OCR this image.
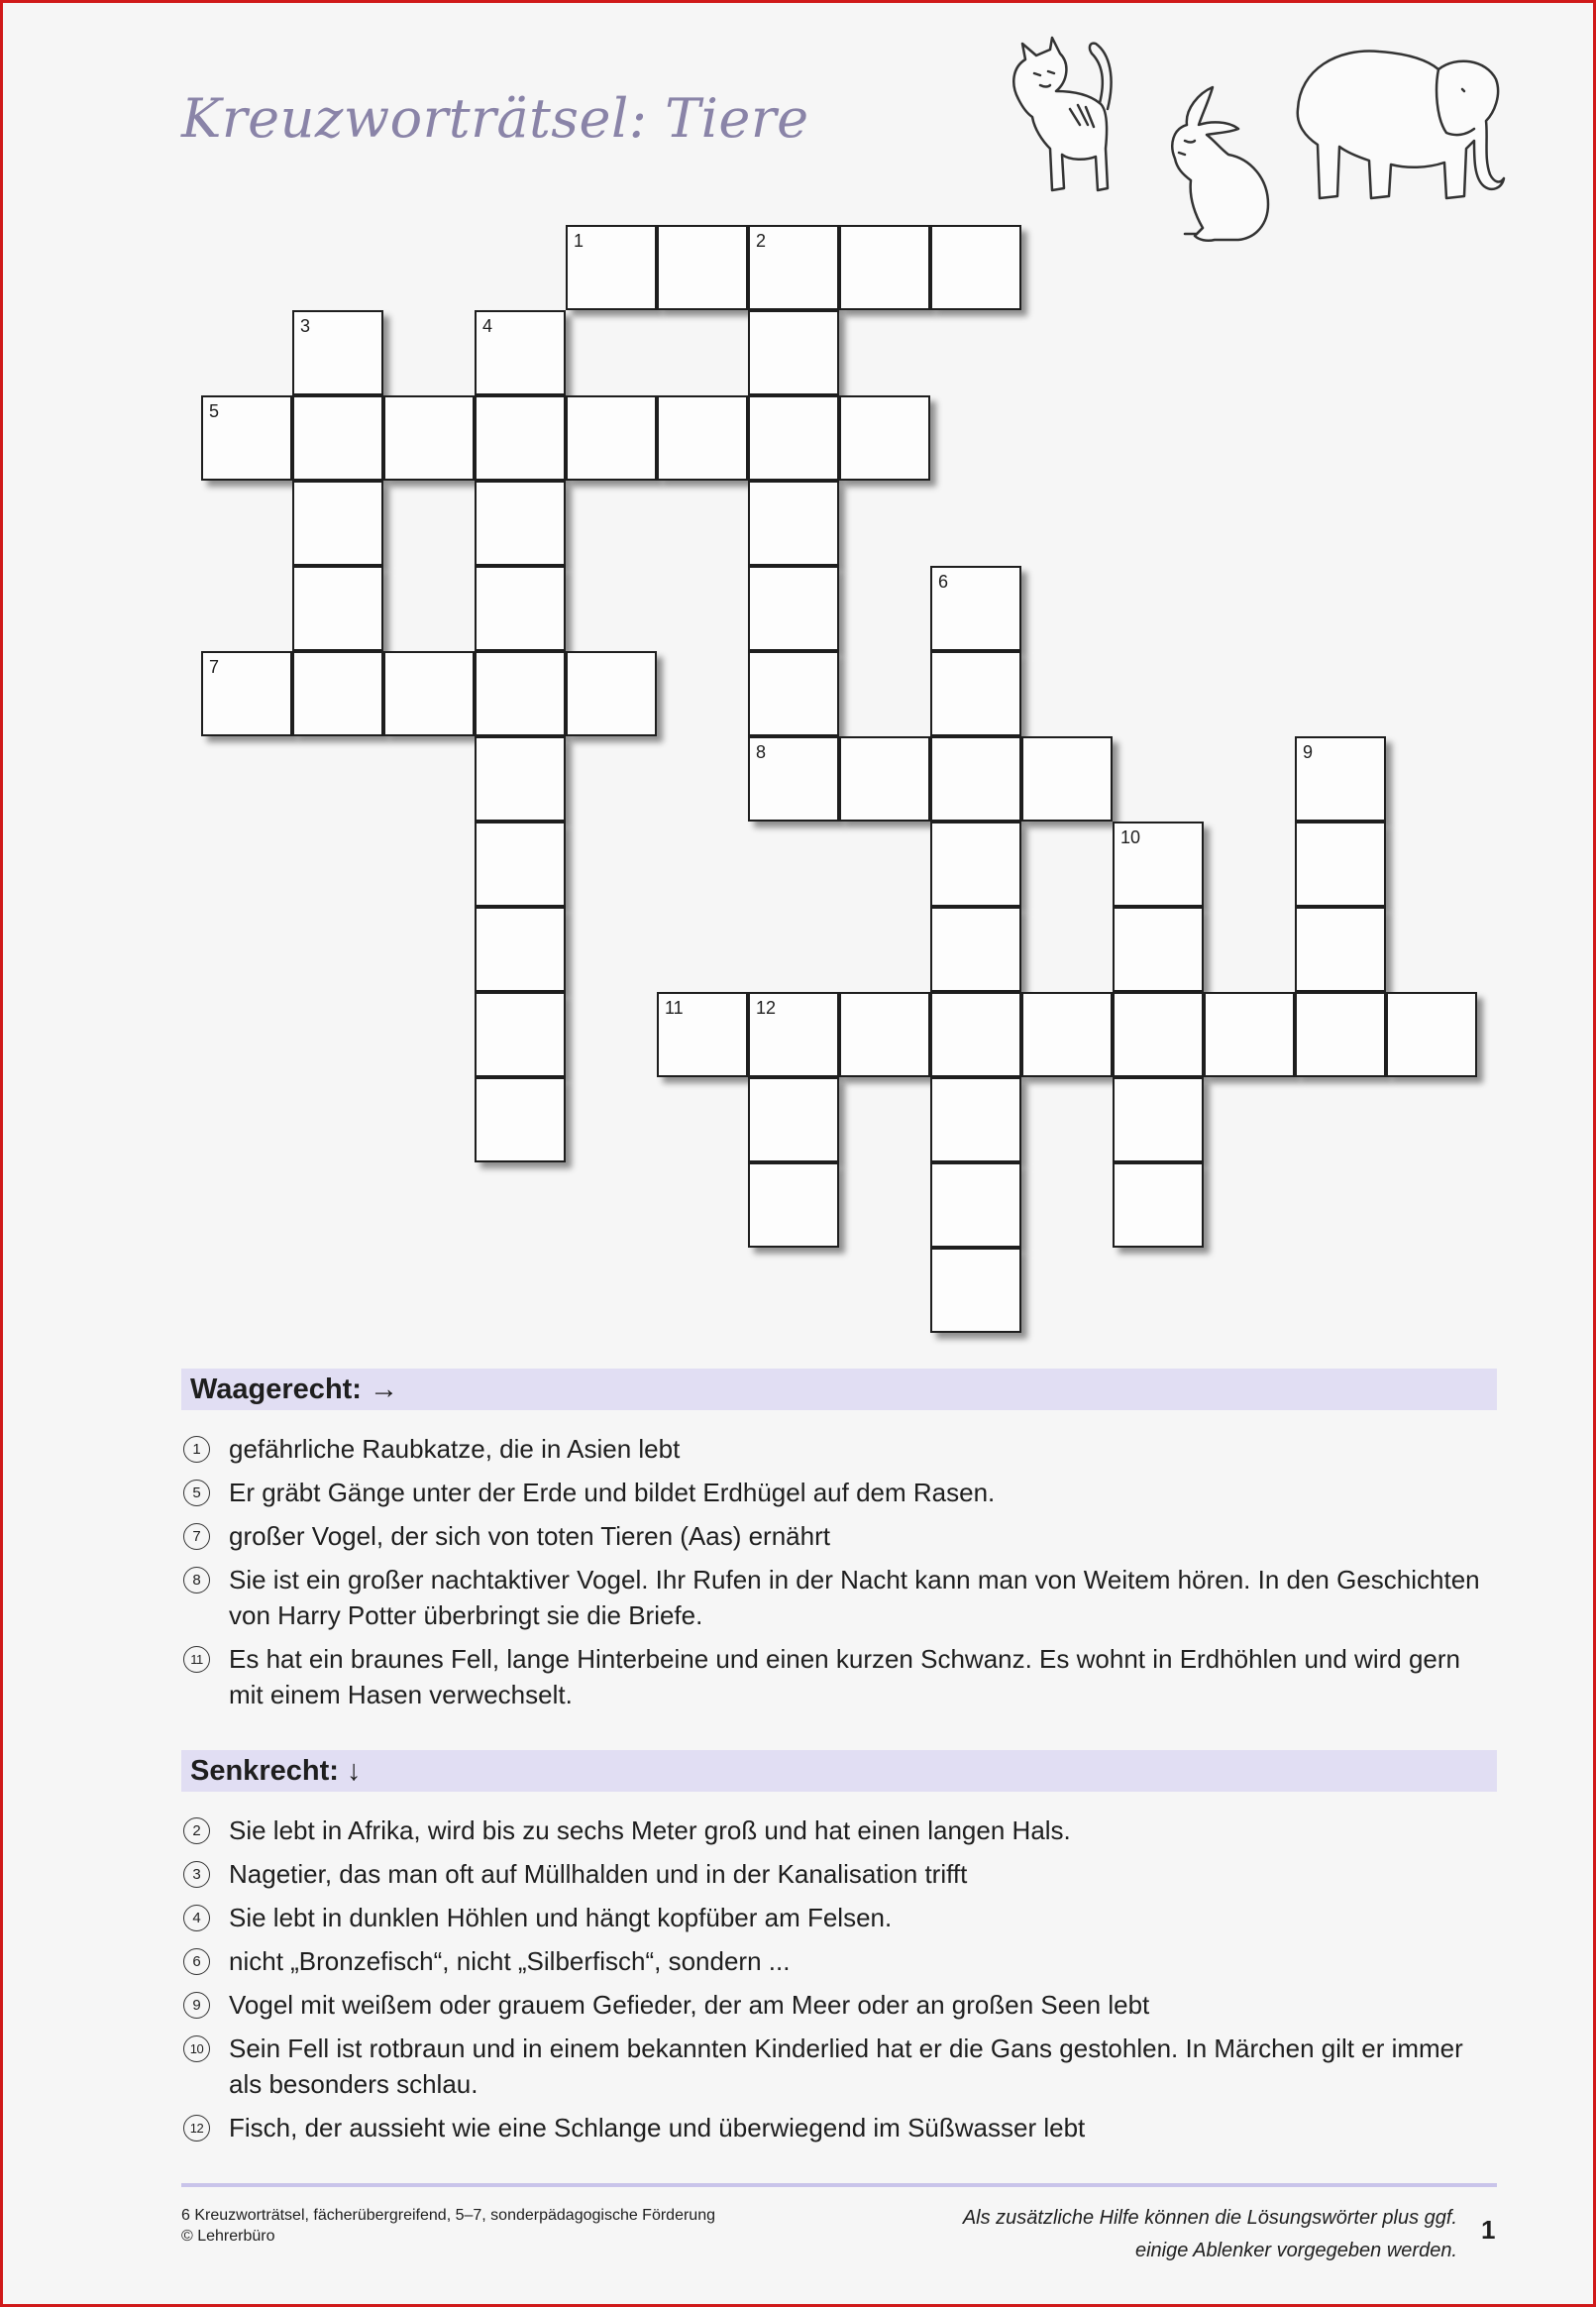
Kreuzworträtsel: Tiere
1	2
3	4
5
6
7
8	9
10
11	12
Waagerecht: →
1	gefährliche Raubkatze, die in Asien lebt
5	Er gräbt Gänge unter der Erde und bildet Erdhügel auf dem Rasen.
7	großer Vogel, der sich von toten Tieren (Aas) ernährt
8	Sie ist ein großer nachtaktiver Vogel. Ihr Rufen in der Nacht kann man von Weitem hören. In den Geschichten von Harry Potter überbringt sie die Briefe.
11 Es hat ein braunes Fell, lange Hinterbeine und einen kurzen Schwanz. Es wohnt in Erdhöhlen und wird gern mit einem Hasen verwechselt.
Senkrecht: ↓
2	Sie lebt in Afrika, wird bis zu sechs Meter groß und hat einen langen Hals.
3	Nagetier, das man oft auf Müllhalden und in der Kanalisation trifft
4	Sie lebt in dunklen Höhlen und hängt kopfüber am Felsen.
6	nicht „Bronzefisch“, nicht „Silberfisch“, sondern ...
9	Vogel mit weißem oder grauem Gefieder, der am Meer oder an großen Seen lebt
10 Sein Fell ist rotbraun und in einem bekannten Kinderlied hat er die Gans gestohlen. In Märchen gilt er immer als besonders schlau.
12 Fisch, der aussieht wie eine Schlange und überwiegend im Süßwasser lebt
6 Kreuzworträtsel, fächerübergreifend, 5–7, sonderpädagogische Förderung
© Lehrerbüro
Als zusätzliche Hilfe können die Lösungswörter plus ggf.
einige Ablenker vorgegeben werden.
1
